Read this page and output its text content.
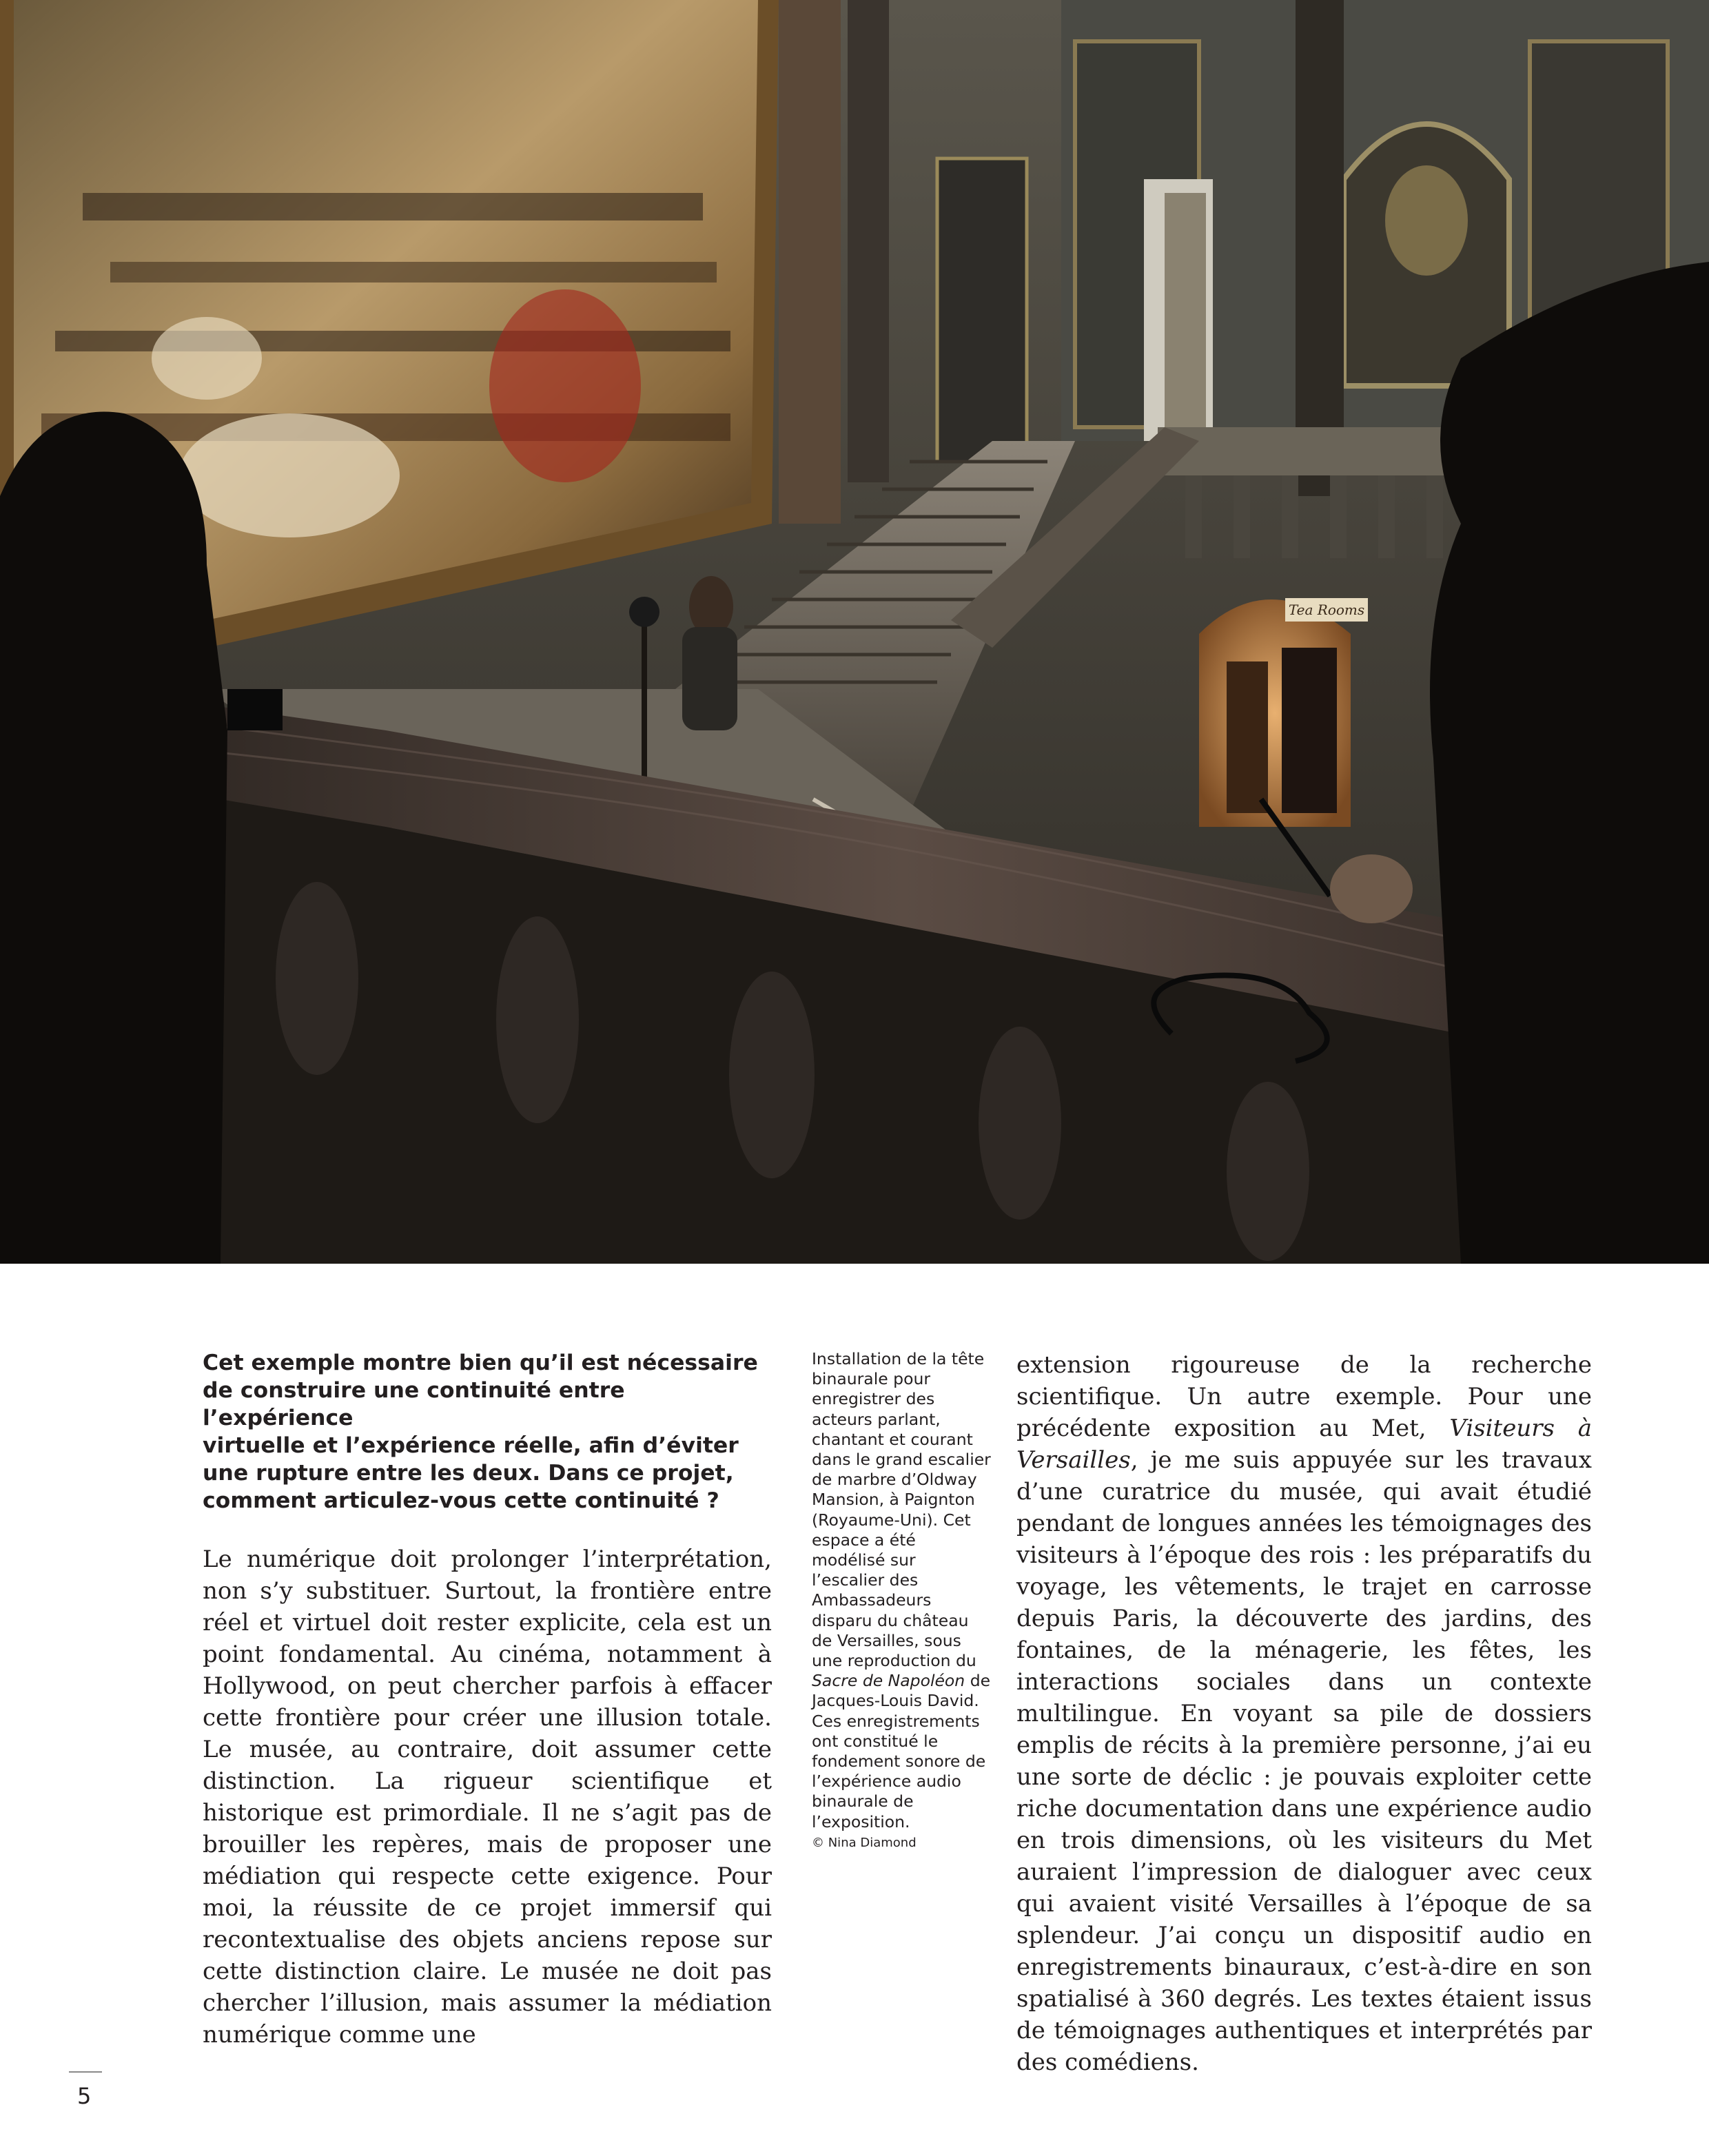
Tea Rooms

Cet exemple montre bien qu’il est nécessaire
de construire une continuité entre l’expérience
virtuelle et l’expérience réelle, afin d’éviter
une rupture entre les deux. Dans ce projet,
comment articulez-vous cette continuité ?

Le numérique doit prolonger l’interprétation, non s’y substituer. Surtout, la frontière entre réel et virtuel doit rester explicite, cela est un point fondamental. Au cinéma, notamment à Hollywood, on peut chercher parfois à effacer cette frontière pour créer une illusion totale. Le musée, au contraire, doit assumer cette distinction. La rigueur scientifique et historique est primordiale. Il ne s’agit pas de brouiller les repères, mais de proposer une médiation qui respecte cette exigence. Pour moi, la réussite de ce projet immersif qui recontextualise des objets anciens repose sur cette distinction claire. Le musée ne doit pas chercher l’illusion, mais assumer la médiation numérique comme une

Installation de la tête binaurale pour enregistrer des acteurs parlant, chantant et courant dans le grand escalier de marbre d’Oldway Mansion, à Paignton (Royaume-Uni). Cet espace a été modélisé sur l’escalier des Ambassadeurs disparu du château de Versailles, sous une reproduction du Sacre de Napoléon de Jacques-Louis David. Ces enregistrements ont constitué le fondement sonore de l’expérience audio binaurale de l’exposition.

© Nina Diamond

extension rigoureuse de la recherche scientifique. Un autre exemple. Pour une précédente exposition au Met, Visiteurs à Versailles, je me suis appuyée sur les travaux d’une curatrice du musée, qui avait étudié pendant de longues années les témoignages des visiteurs à l’époque des rois : les préparatifs du voyage, les vêtements, le trajet en carrosse depuis Paris, la découverte des jardins, des fontaines, de la ménagerie, les fêtes, les interactions sociales dans un contexte multilingue. En voyant sa pile de dossiers emplis de récits à la première personne, j’ai eu une sorte de déclic : je pouvais exploiter cette riche documentation dans une expérience audio en trois dimensions, où les visiteurs du Met auraient l’impression de dialoguer avec ceux qui avaient visité Versailles à l’époque de sa splendeur. J’ai conçu un dispositif audio en enregistrements binauraux, c’est-à-dire en son spatialisé à 360 degrés. Les textes étaient issus de témoignages authentiques et interprétés par des comédiens.

5
